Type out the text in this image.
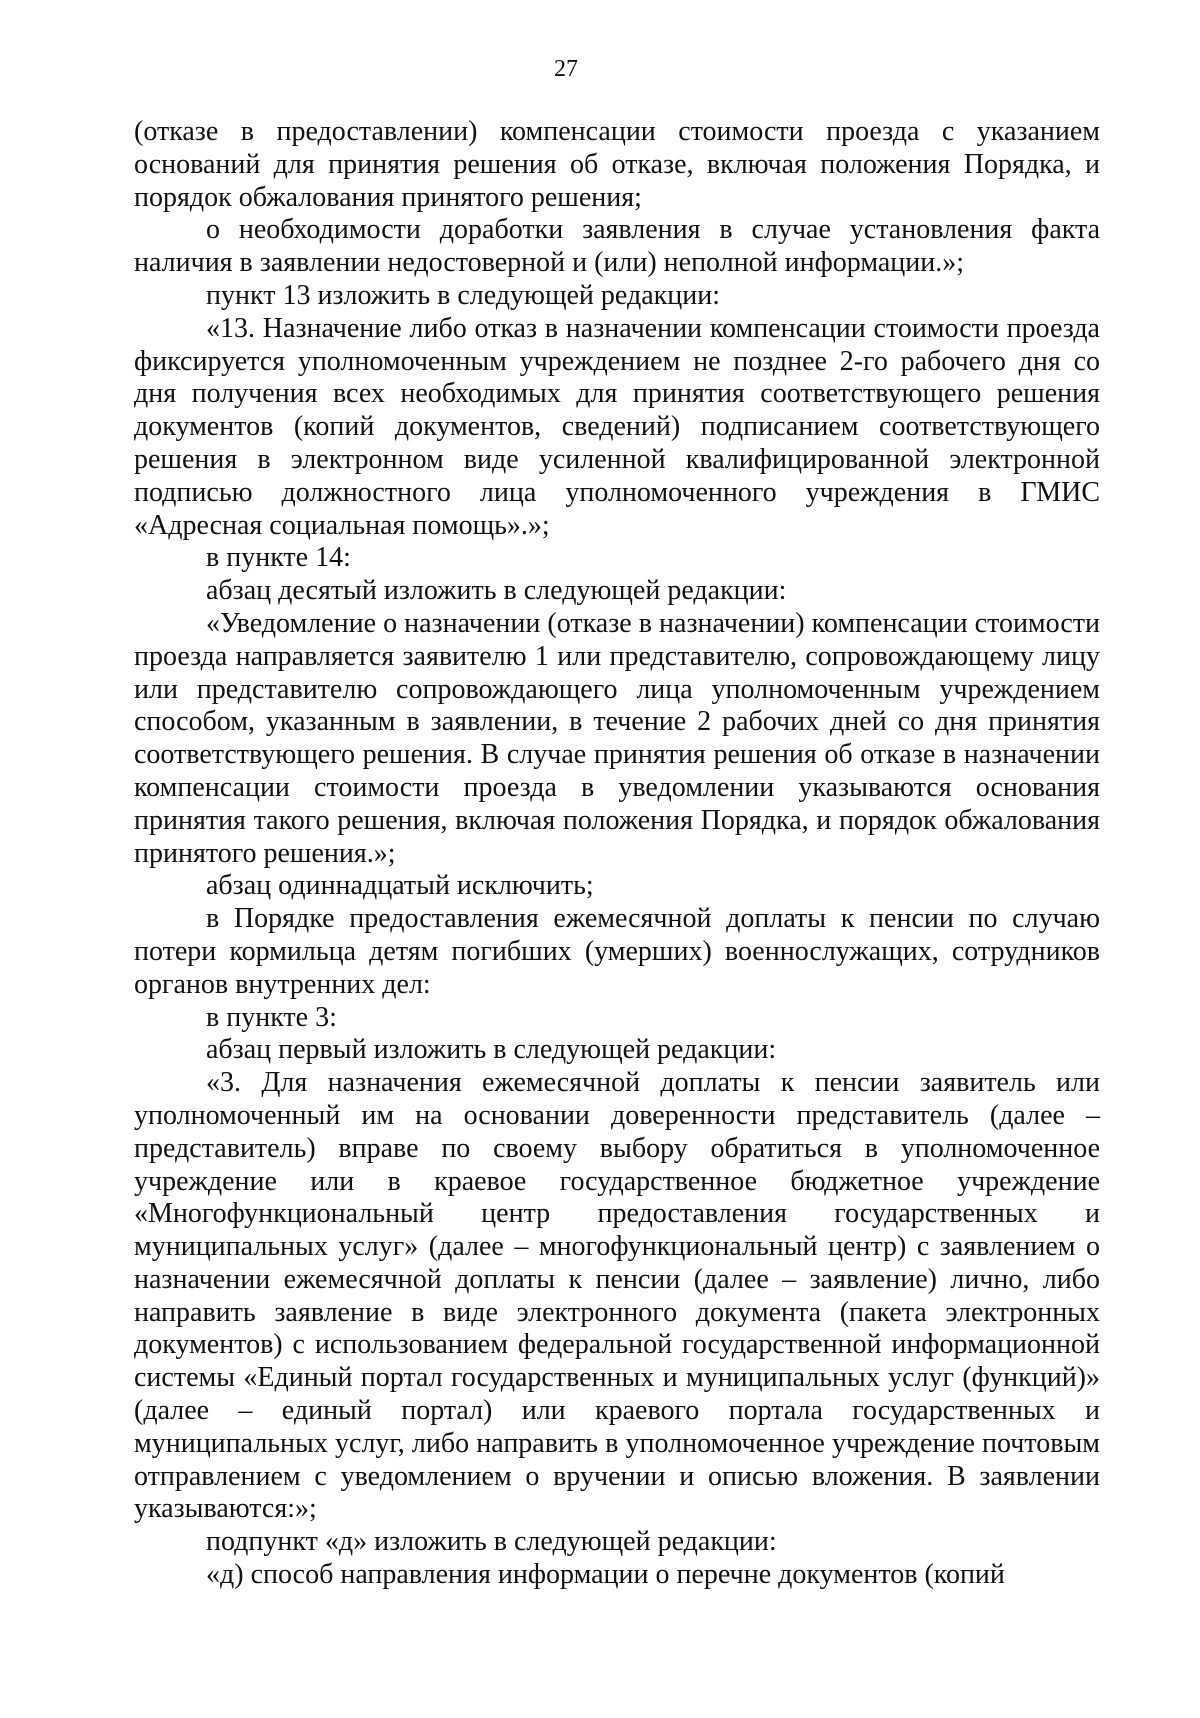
27

(отказе в предоставлении) компенсации стоимости проезда с указанием оснований для принятия решения об отказе, включая положения Порядка, и порядок обжалования принятого решения;

о необходимости доработки заявления в случае установления факта наличия в заявлении недостоверной и (или) неполной информации.»;

пункт 13 изложить в следующей редакции:

«13. Назначение либо отказ в назначении компенсации стоимости проезда фиксируется уполномоченным учреждением не позднее 2-го рабочего дня со дня получения всех необходимых для принятия соответствующего решения документов (копий документов, сведений) подписанием соответствующего решения в электронном виде усиленной квалифицированной электронной подписью должностного лица уполномоченного учреждения в ГМИС «Адресная социальная помощь».»;

в пункте 14:

абзац десятый изложить в следующей редакции:

«Уведомление о назначении (отказе в назначении) компенсации стоимости проезда направляется заявителю 1 или представителю, сопровождающему лицу или представителю сопровождающего лица уполномоченным учреждением способом, указанным в заявлении, в течение 2 рабочих дней со дня принятия соответствующего решения. В случае принятия решения об отказе в назначении компенсации стоимости проезда в уведомлении указываются основания принятия такого решения, включая положения Порядка, и порядок обжалования принятого решения.»;

абзац одиннадцатый исключить;

в Порядке предоставления ежемесячной доплаты к пенсии по случаю потери кормильца детям погибших (умерших) военнослужащих, сотрудников органов внутренних дел:

в пункте 3:

абзац первый изложить в следующей редакции:

«3. Для назначения ежемесячной доплаты к пенсии заявитель или уполномоченный им на основании доверенности представитель (далее – представитель) вправе по своему выбору обратиться в уполномоченное учреждение или в краевое государственное бюджетное учреждение «Многофункциональный центр предоставления государственных и муниципальных услуг» (далее – многофункциональный центр) с заявлением о назначении ежемесячной доплаты к пенсии (далее – заявление) лично, либо направить заявление в виде электронного документа (пакета электронных документов) с использованием федеральной государственной информационной системы «Единый портал государственных и муниципальных услуг (функций)» (далее – единый портал) или краевого портала государственных и муниципальных услуг, либо направить в уполномоченное учреждение почтовым отправлением с уведомлением о вручении и описью вложения. В заявлении указываются:»;

подпункт «д» изложить в следующей редакции:

«д) способ направления информации о перечне документов (копий
